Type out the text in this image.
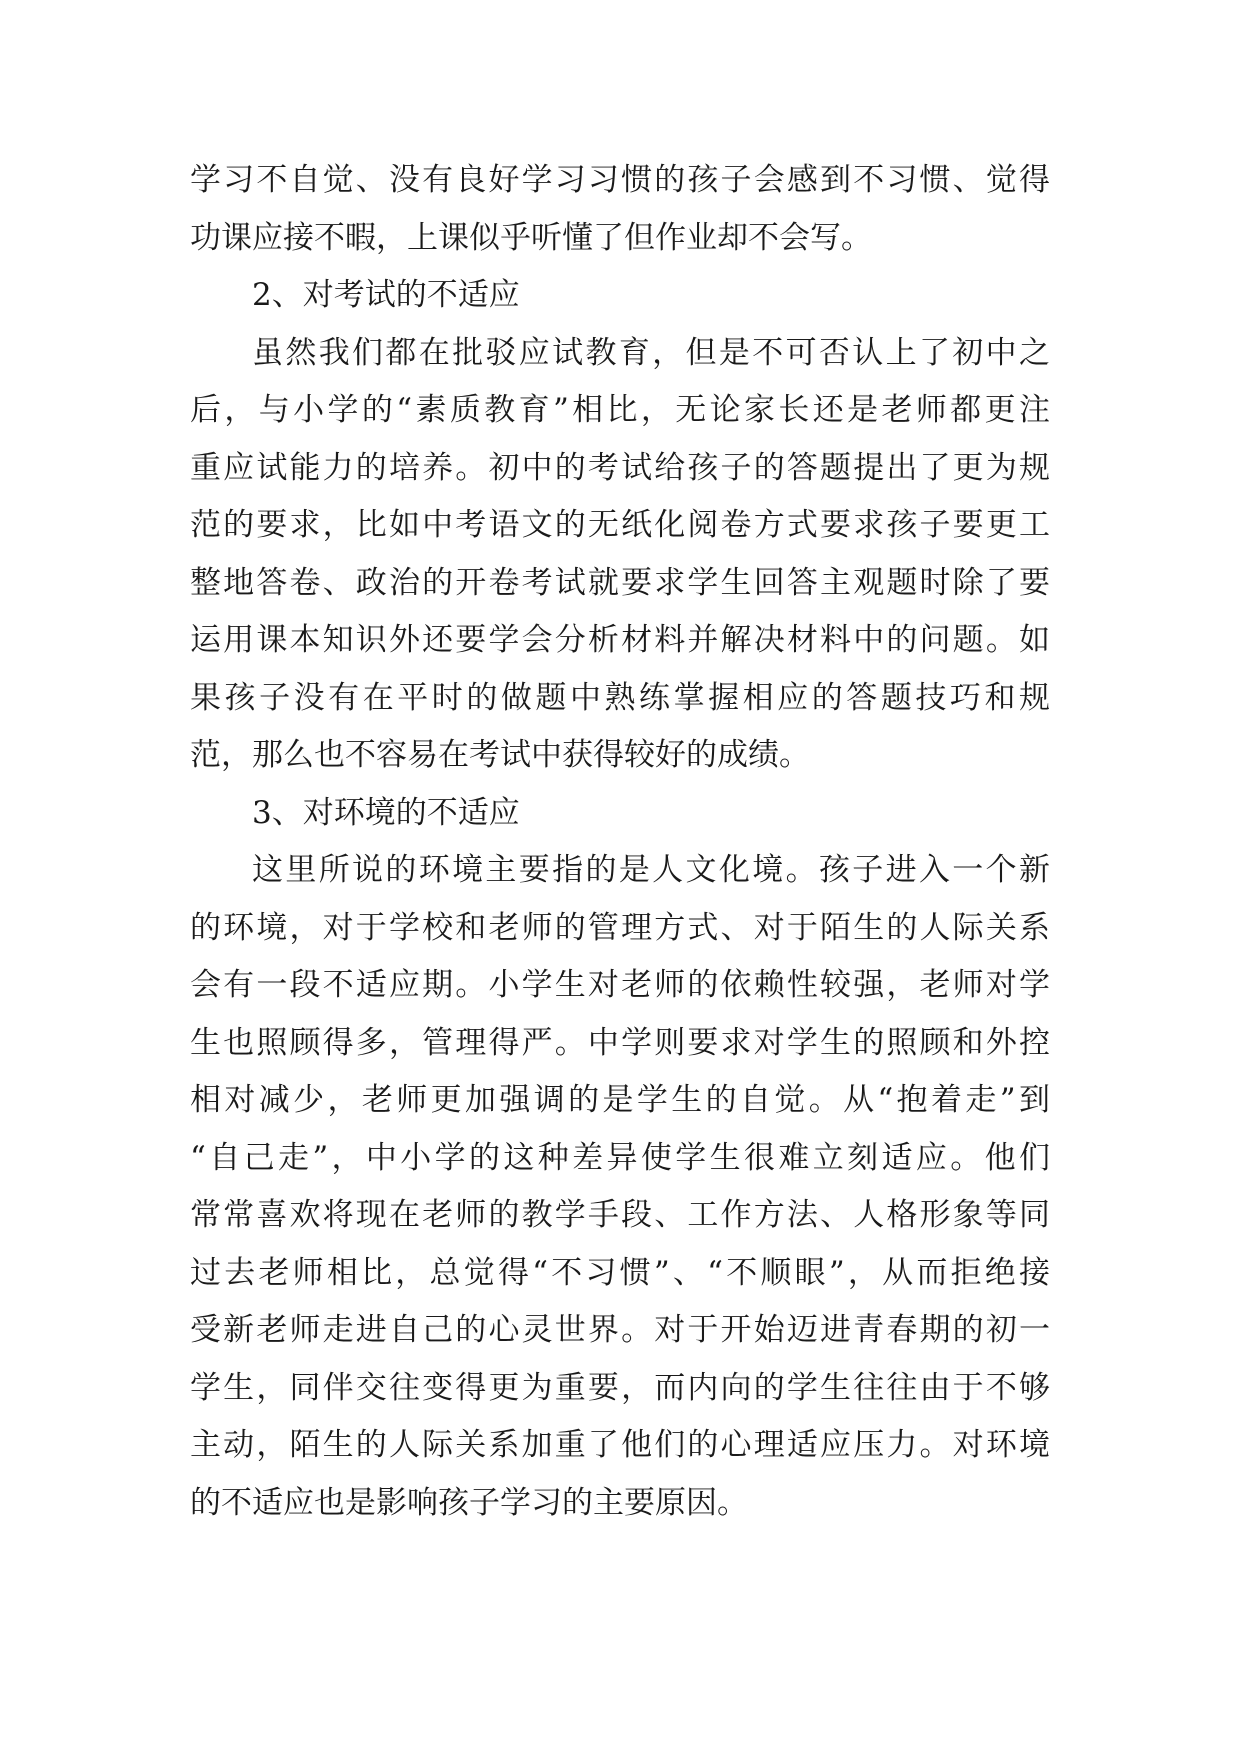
学习不自觉、没有良好学习习惯的孩子会感到不习惯、觉得
功课应接不暇，上课似乎听懂了但作业却不会写。
2、对考试的不适应
虽然我们都在批驳应试教育，但是不可否认上了初中之
后，与小学的“素质教育”相比，无论家长还是老师都更注
重应试能力的培养。初中的考试给孩子的答题提出了更为规
范的要求，比如中考语文的无纸化阅卷方式要求孩子要更工
整地答卷、政治的开卷考试就要求学生回答主观题时除了要
运用课本知识外还要学会分析材料并解决材料中的问题。如
果孩子没有在平时的做题中熟练掌握相应的答题技巧和规
范，那么也不容易在考试中获得较好的成绩。
3、对环境的不适应
这里所说的环境主要指的是人文化境。孩子进入一个新
的环境，对于学校和老师的管理方式、对于陌生的人际关系
会有一段不适应期。小学生对老师的依赖性较强，老师对学
生也照顾得多，管理得严。中学则要求对学生的照顾和外控
相对减少，老师更加强调的是学生的自觉。从“抱着走”到
“自己走”，中小学的这种差异使学生很难立刻适应。他们
常常喜欢将现在老师的教学手段、工作方法、人格形象等同
过去老师相比，总觉得“不习惯”、“不顺眼”，从而拒绝接
受新老师走进自己的心灵世界。对于开始迈进青春期的初一
学生，同伴交往变得更为重要，而内向的学生往往由于不够
主动，陌生的人际关系加重了他们的心理适应压力。对环境
的不适应也是影响孩子学习的主要原因。
